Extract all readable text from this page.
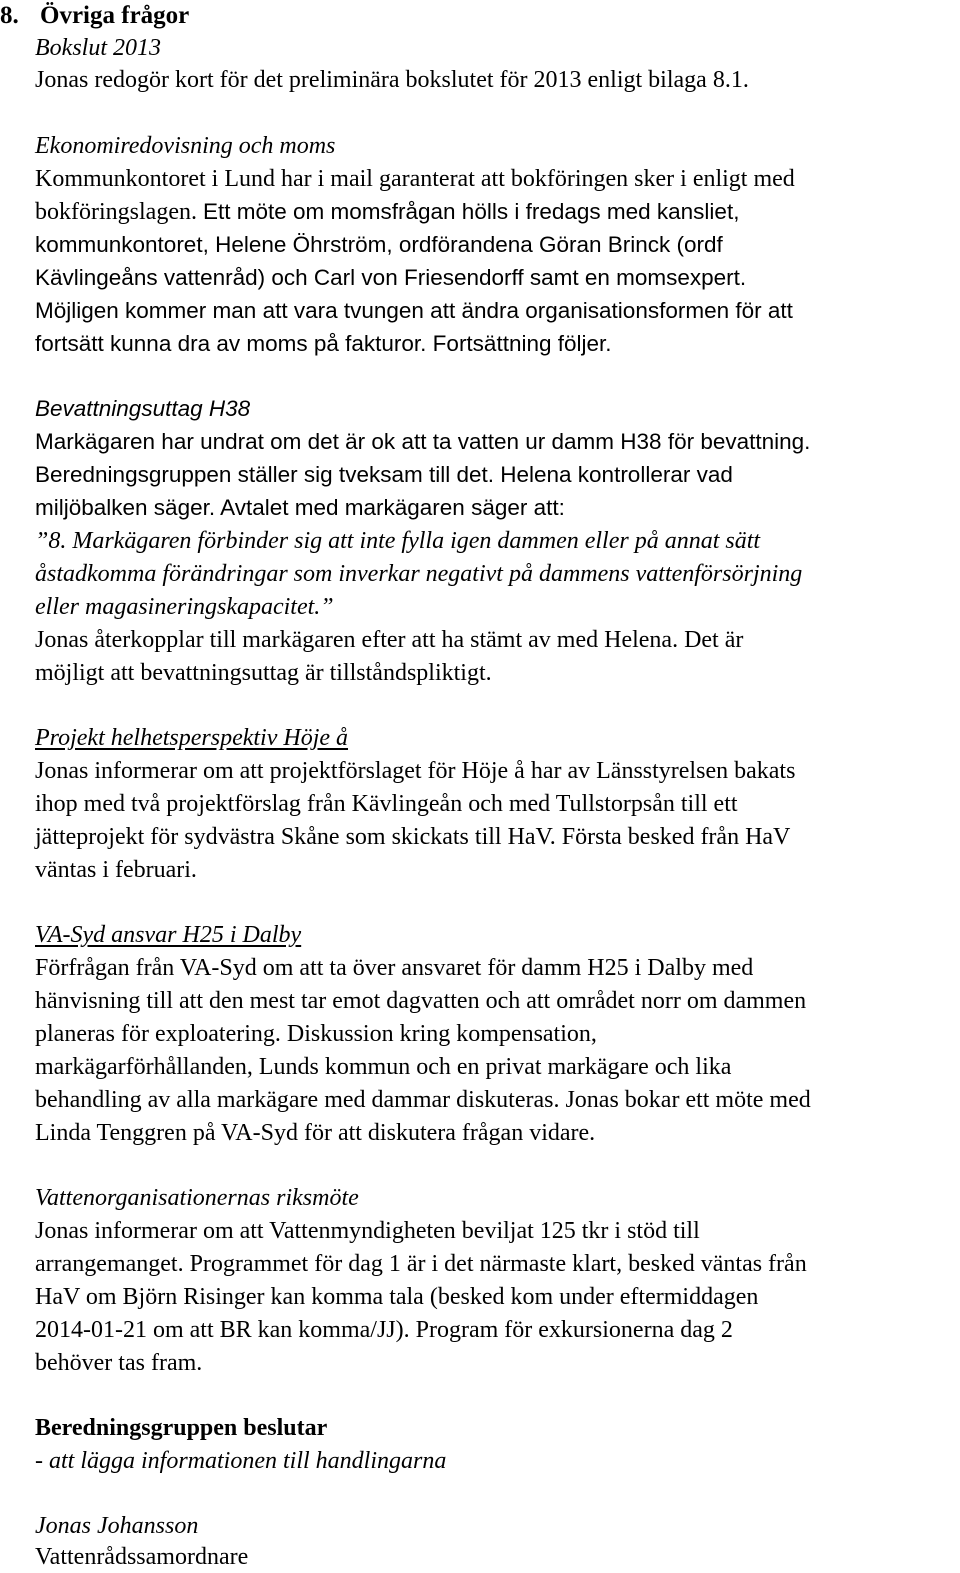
8. Övriga frågor
Bokslut 2013
Jonas redogör kort för det preliminära bokslutet för 2013 enligt bilaga 8.1.
Ekonomiredovisning och moms
Kommunkontoret i Lund har i mail garanterat att bokföringen sker i enligt med
bokföringslagen. Ett möte om momsfrågan hölls i fredags med kansliet,
kommunkontoret, Helene Öhrström, ordförandena Göran Brinck (ordf
Kävlingeåns vattenråd) och Carl von Friesendorff samt en momsexpert.
Möjligen kommer man att vara tvungen att ändra organisationsformen för att
fortsätt kunna dra av moms på fakturor. Fortsättning följer.
Bevattningsuttag H38
Markägaren har undrat om det är ok att ta vatten ur damm H38 för bevattning.
Beredningsgruppen ställer sig tveksam till det. Helena kontrollerar vad
miljöbalken säger. Avtalet med markägaren säger att:
”8. Markägaren förbinder sig att inte fylla igen dammen eller på annat sätt
åstadkomma förändringar som inverkar negativt på dammens vattenförsörjning
eller magasineringskapacitet.”
Jonas återkopplar till markägaren efter att ha stämt av med Helena. Det är
möjligt att bevattningsuttag är tillståndspliktigt.
Projekt helhetsperspektiv Höje å
Jonas informerar om att projektförslaget för Höje å har av Länsstyrelsen bakats
ihop med två projektförslag från Kävlingeån och med Tullstorpsån till ett
jätteprojekt för sydvästra Skåne som skickats till HaV. Första besked från HaV
väntas i februari.
VA-Syd ansvar H25 i Dalby
Förfrågan från VA-Syd om att ta över ansvaret för damm H25 i Dalby med
hänvisning till att den mest tar emot dagvatten och att området norr om dammen
planeras för exploatering. Diskussion kring kompensation,
markägarförhållanden, Lunds kommun och en privat markägare och lika
behandling av alla markägare med dammar diskuteras. Jonas bokar ett möte med
Linda Tenggren på VA-Syd för att diskutera frågan vidare.
Vattenorganisationernas riksmöte
Jonas informerar om att Vattenmyndigheten beviljat 125 tkr i stöd till
arrangemanget. Programmet för dag 1 är i det närmaste klart, besked väntas från
HaV om Björn Risinger kan komma tala (besked kom under eftermiddagen
2014-01-21 om att BR kan komma/JJ). Program för exkursionerna dag 2
behöver tas fram.
Beredningsgruppen beslutar
- att lägga informationen till handlingarna
Jonas Johansson
Vattenrådssamordnare
